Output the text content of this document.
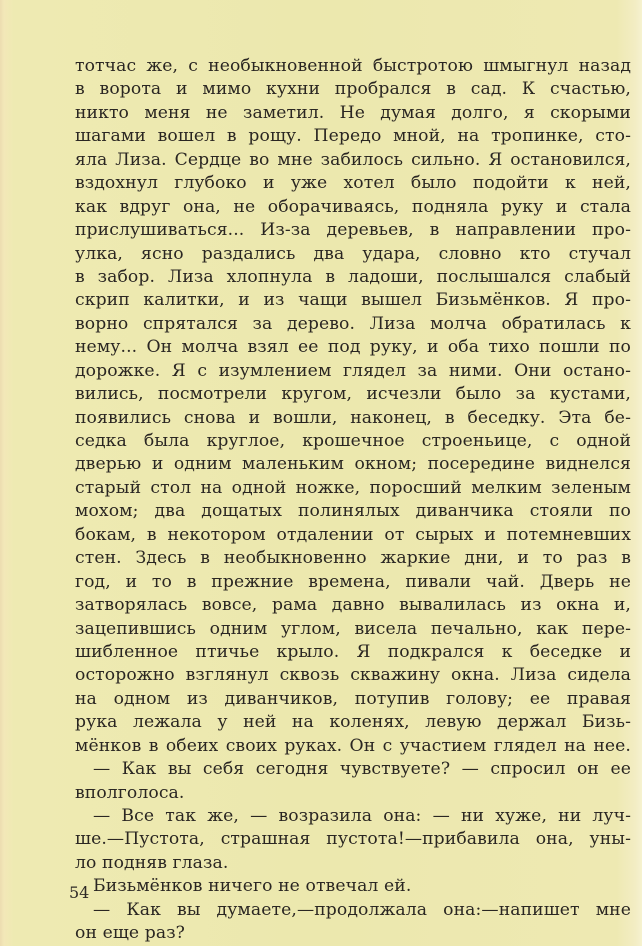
тотчас же, с необыкновенной быстротою шмыгнул назад
в ворота и мимо кухни пробрался в сад. К счастью,
никто меня не заметил. Не думая долго, я скорыми
шагами вошел в рощу. Передо мной, на тропинке, сто-
яла Лиза. Сердце во мне забилось сильно. Я остановился,
вздохнул глубоко и уже хотел было подойти к ней,
как вдруг она, не оборачиваясь, подняла руку и стала
прислушиваться... Из-за деревьев, в направлении про-
улка, ясно раздались два удара, словно кто стучал
в забор. Лиза хлопнула в ладоши, послышался слабый
скрип калитки, и из чащи вышел Бизьмёнков. Я про-
ворно спрятался за дерево. Лиза молча обратилась к
нему... Он молча взял ее под руку, и оба тихо пошли по
дорожке. Я с изумлением глядел за ними. Они остано-
вились, посмотрели кругом, исчезли было за кустами,
появились снова и вошли, наконец, в беседку. Эта бе-
седка была круглое, крошечное строеньице, с одной
дверью и одним маленьким окном; посередине виднелся
старый стол на одной ножке, поросший мелким зеленым
мохом; два дощатых полинялых диванчика стояли по
бокам, в некотором отдалении от сырых и потемневших
стен. Здесь в необыкновенно жаркие дни, и то раз в
год, и то в прежние времена, пивали чай. Дверь не
затворялась вовсе, рама давно вывалилась из окна и,
зацепившись одним углом, висела печально, как пере-
шибленное птичье крыло. Я подкрался к беседке и
осторожно взглянул сквозь скважину окна. Лиза сидела
на одном из диванчиков, потупив голову; ее правая
рука лежала у ней на коленях, левую держал Бизь-
мёнков в обеих своих руках. Он с участием глядел на нее.
— Как вы себя сегодня чувствуете? — спросил он ее
вполголоса.
— Все так же, — возразила она: — ни хуже, ни луч-
ше.—Пустота, страшная пустота!—прибавила она, уны-
ло подняв глаза.
Бизьмёнков ничего не отвечал ей.
— Как вы думаете,—продолжала она:—напишет мне
он еще раз?
54
